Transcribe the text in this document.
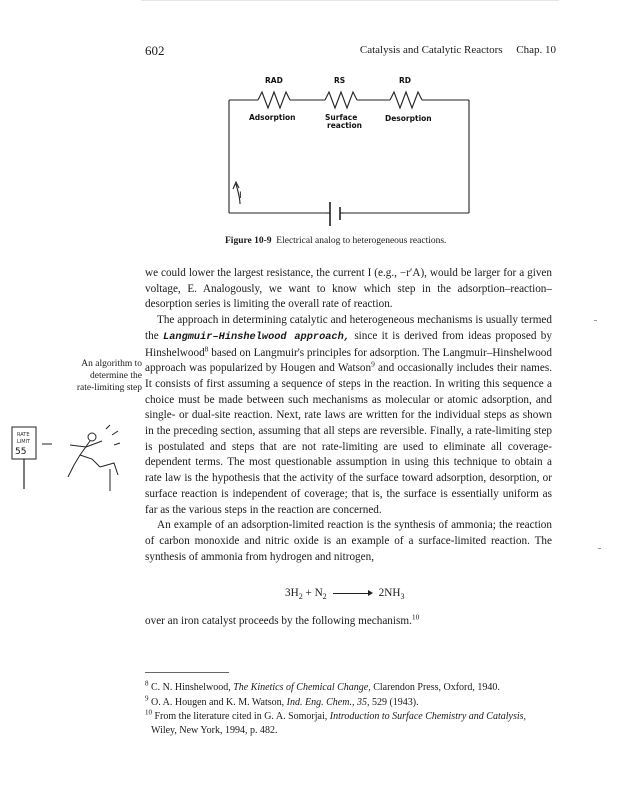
602	Catalysis and Catalytic Reactors     Chap. 10
RAD	RS	RD
Adsorption	Surface
reaction
Desorption
I
Figure 10-9 Electrical analog to heterogeneous reactions.
An algorithm to
determine the
rate-limiting step
RATE
LIMIT
55

we could lower the largest resistance, the current I (e.g., −r′A), would be larger for a given voltage, E. Analogously, we want to know which step in the adsorption–reaction–desorption series is limiting the overall rate of reaction.

The approach in determining catalytic and heterogeneous mechanisms is usually termed the Langmuir–Hinshelwood approach, since it is derived from ideas proposed by Hinshelwood$^8$ based on Langmuir's principles for adsorption. The Langmuir–Hinshelwood approach was popularized by Hougen and Watson$^9$ and occasionally includes their names. It consists of first assuming a sequence of steps in the reaction. In writing this sequence a choice must be made between such mechanisms as molecular or atomic adsorption, and single- or dual-site reaction. Next, rate laws are written for the individual steps as shown in the preceding section, assuming that all steps are reversible. Finally, a rate-limiting step is postulated and steps that are not rate-limiting are used to eliminate all coverage-dependent terms. The most questionable assumption in using this technique to obtain a rate law is the hypothesis that the activity of the surface toward adsorption, desorption, or surface reaction is independent of coverage; that is, the surface is essentially uniform as far as the various steps in the reaction are concerned.

An example of an adsorption-limited reaction is the synthesis of ammonia; the reaction of carbon monoxide and nitric oxide is an example of a surface-limited reaction. The synthesis of ammonia from hydrogen and nitrogen,

$3H_2 + N_2$	$2NH_3$
over an iron catalyst proceeds by the following mechanism.$^{10}$
$^8$ C. N. Hinshelwood, The Kinetics of Chemical Change, Clarendon Press, Oxford, 1940.
$^9$ O. A. Hougen and K. M. Watson, Ind. Eng. Chem., 35, 529 (1943).
$^{10}$ From the literature cited in G. A. Somorjai, Introduction to Surface Chemistry and Catalysis, Wiley, New York, 1994, p. 482.
